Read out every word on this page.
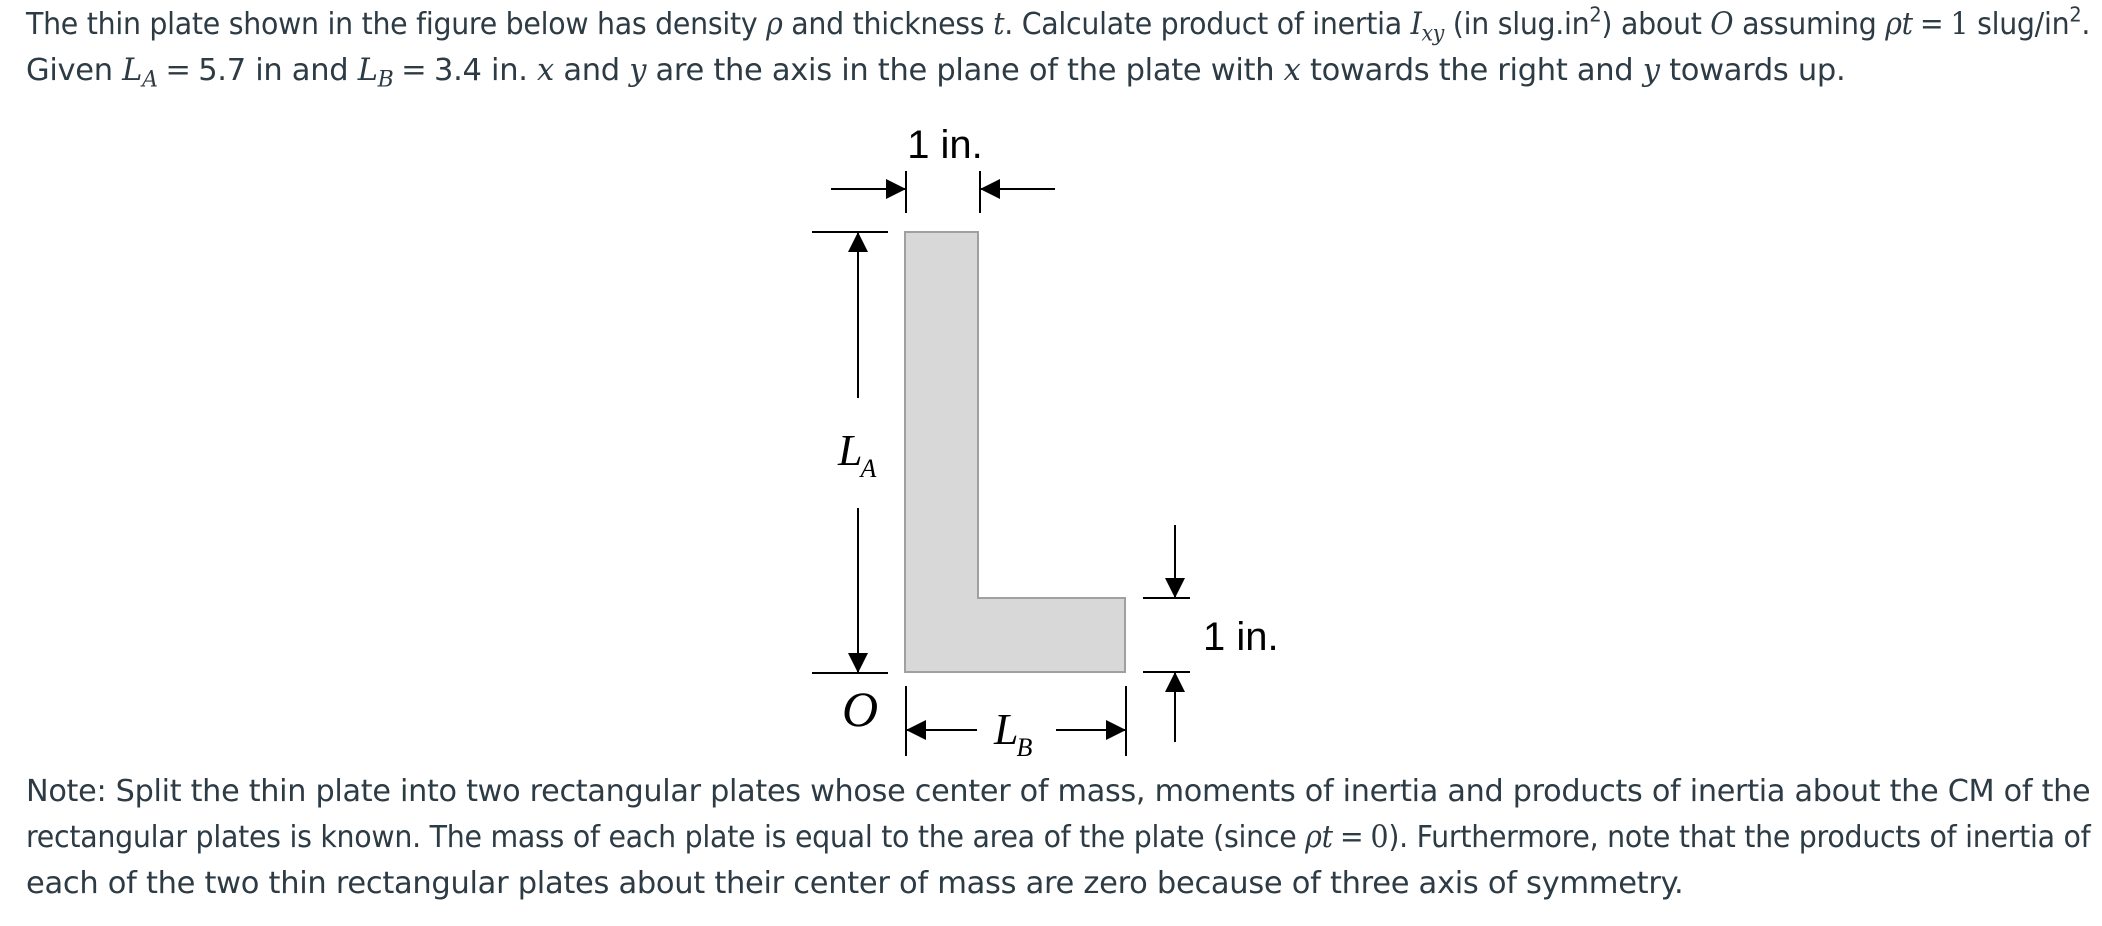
The thin plate shown in the figure below has density ρ and thickness t. Calculate product of inertia $I_{xy}$ (in $slug.in^2$) about O assuming ρt = 1 slug/$in^2$.
Given $L_A = 5.7$ in and $L_B = 3.4$ in. x and y are the axis in the plane of the plate with x towards the right and y towards up.
1 in.
LA
1 in.
LB
O
Note: Split the thin plate into two rectangular plates whose center of mass, moments of inertia and products of inertia about the CM of the
rectangular plates is known. The mass of each plate is equal to the area of the plate (since ρt = 0). Furthermore, note that the products of inertia of
each of the two thin rectangular plates about their center of mass are zero because of three axis of symmetry.
